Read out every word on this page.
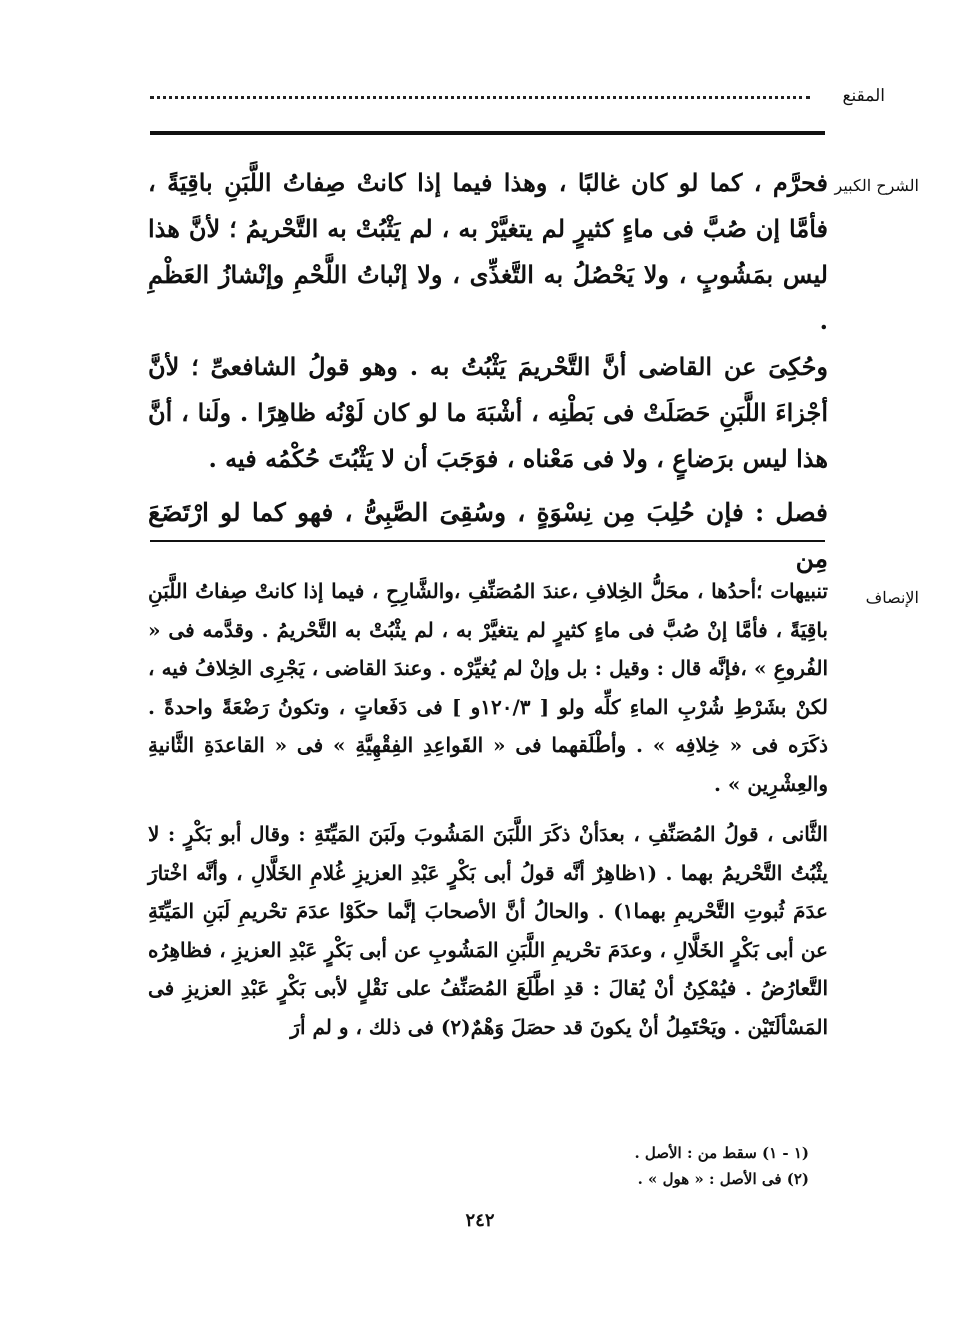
المقنع
الشرح الكبير

فحرَّم ، كما لو كان غالبًا ، وهذا فيما إذا كانتْ صِفاتُ اللَّبَنِ باقِيَةً ، فأمَّا إن صُبَّ فى ماءٍ كثيرٍ لم يتغيَّرْ به ، لم يَثْبُتْ به التَّحْريمُ ؛ لأنَّ هذا ليس بمَشُوبٍ ، ولا يَحْصُلُ به التَّغذِّى ، ولا إنْباتُ اللَّحْمِ وإنْشازُ العَظْمِ .

وحُكِىَ عن القاضى أنَّ التَّحْريمَ يَثْبُتُ به . وهو قولُ الشافعىِّ ؛ لأنَّ أجْزاءَ اللَّبَنِ حَصَلَتْ فى بَطْنِه ، أشْبَهَ ما لو كان لَوْنُه ظاهِرًا . ولَنا ، أنَّ هذا ليس برَضاعٍ ، ولا فى مَعْناه ، فوَجَبَ أن لا يَثْبُتَ حُكْمُه فيه .

فصل : فإن حُلِبَ مِن نِسْوَةٍ ، وسُقِىَ الصَّبِىُّ ، فهو كما لو ارْتَضَعَ مِن

الإنصاف

تنبيهات ؛أحدُها ، محَلُّ الخِلافِ ،عندَ المُصَنِّفِ ،والشَّارِحِ ، فيما إذا كانتْ صِفاتُ اللَّبَنِ باقِيَةً ، فأمَّا إنْ صُبَّ فى ماءٍ كثيرٍ لم يتغيَّرْ به ، لم يثْبُتْ به التَّحْريمُ . وقدَّمه فى « الفُروعِ » ،فإنَّه قال : وقيل : بل وإنْ لم يُغيِّرْه . وعندَ القاضى ، يَجْرِى الخِلافُ فيه ، لكنْ بشَرْطِ شُرْبِ الماءِ كلِّه ولو [ ١٢٠/٣و ] فى دَفَعاتٍ ، وتكونُ رَضْعَةً واحدةً . ذكَرَه فى « خِلافِه » . وأطْلَقهما فى « القَواعِدِ الفِقْهِيَّةِ » فى « القاعدَةِ الثَّانيةِ والعِشْرِين » .

الثَّانى ، قولُ المُصَنِّفِ ، بعدَأنْ ذكَرَ اللَّبَنَ المَشُوبَ ولَبَنَ المَيِّتَةِ : وقال أبو بَكْرٍ : لا يثْبُتُ التَّحْريمُ بهما . (١ظاهِرٌ أنَّه قولُ أبى بَكْرٍ عَبْدِ العزيزِ غُلامِ الخَلَّالِ ، وأنَّه اخْتارَ عدَمَ ثُبوتِ التَّحْريمِ بهما١) . والحالُ أنَّ الأصحابَ إنَّما حكَوْا عدَمَ تحْريمِ لَبَنِ المَيِّتَةِ عن أبى بَكْرٍ الخَلَّالِ ، وعدَمَ تحْريمِ اللَّبَنِ المَشُوبِ عن أبى بَكْرٍ عَبْدِ العزيزِ ، فظاهِرُه التَّعارُضُ . فيُمْكِنُ أنْ يُقالَ : قدِ اطَّلَعَ المُصَنِّفُ على نَقْلٍ لأبى بَكْرٍ عَبْدِ العزيزِ فى المَسْألَتَيْن . ويَحْتَمِلُ أنْ يكونَ قد حصَلَ وَهْمٌ(٢) فى ذلك ، و لم أرَ

(١ - ١) سقط من : الأصل .
(٢) فى الأصل : « هول » .
٢٤٢
